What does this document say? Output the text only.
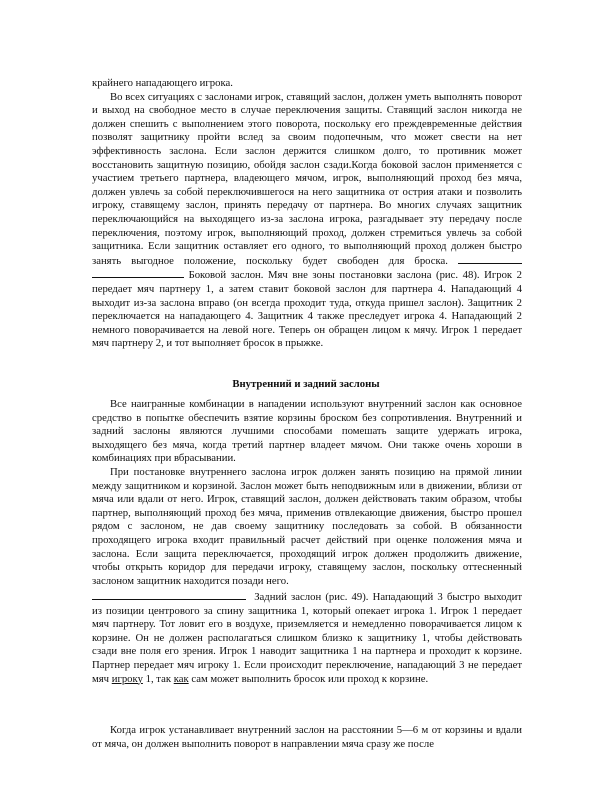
крайнего нападающего игрока.

Во всех ситуациях с заслонами игрок, ставящий заслон, должен уметь выполнять поворот и выход на свободное место в случае переключения защиты. Ставящий заслон никогда не должен спешить с выполнением этого поворота, поскольку его преждевременные действия позволят защитнику пройти вслед за своим подопечным, что может свести на нет эффективность заслона. Если заслон держится слишком долго, то противник может восстановить защитную позицию, обойдя заслон сзади.Когда боковой заслон применяется с участием третьего партнера, владеющего мячом, игрок, выполняющий проход без мяча, должен увлечь за собой переключившегося на него защитника от острия атаки и позволить игроку, ставящему заслон, принять передачу от партнера. Во многих случаях защитник переключающийся на выходящего из-за заслона игрока, разгадывает эту передачу после переключения, поэтому игрок, выполняющий проход, должен стремиться увлечь за собой защитника. Если защитник оставляет его одного, то выполняющий проход должен быстро занять выгодное положение, поскольку будет свободен для броска.   Боковой заслон. Мяч вне зоны постановки заслона (рис. 48). Игрок 2 передает мяч партнеру 1, а затем ставит боковой заслон для партнера 4. Нападающий 4 выходит из-за заслона вправо (он всегда проходит туда, откуда пришел заслон). Защитник 2 переключается на нападающего 4. Защитник 4 также преследует игрока 4. Нападающий 2 немного поворачивается на левой ноге. Теперь он обращен лицом к мячу. Игрок 1 передает мяч партнеру 2, и тот выполняет бросок в прыжке.

Внутренний и задний заслоны

Все наигранные комбинации в нападении используют внутренний заслон как основное средство в попытке обеспечить взятие корзины броском без сопротивления. Внутренний и задний заслоны являются лучшими способами помешать защите удержать игрока, выходящего без мяча, когда третий партнер владеет мячом. Они также очень хороши в комбинациях при вбрасывании.

При постановке внутреннего заслона игрок должен занять позицию на прямой линии между защитником и корзиной. Заслон может быть неподвижным или в движении, вблизи от мяча или вдали от него. Игрок, ставящий заслон, должен действовать таким образом, чтобы партнер, выполняющий проход без мяча, применив отвлекающие движения, быстро прошел рядом с заслоном, не дав своему защитнику последовать за собой. В обязанности проходящего игрока входит правильный расчет действий при оценке положения мяча и заслона. Если защита переключается, проходящий игрок должен продолжить движение, чтобы открыть коридор для передачи игроку, ставящему заслон, поскольку оттесненный заслоном защитник находится позади него.

Задний заслон (рис. 49). Нападающий 3 быстро выходит из позиции центрового за спину защитника 1, который опекает игрока 1. Игрок 1 передает мяч партнеру. Тот ловит его в воздухе, приземляется и немедленно поворачивается лицом к корзине. Он не должен располагаться слишком близко к защитнику 1, чтобы действовать сзади вне поля его зрения. Игрок 1 наводит защитника 1 на партнера и проходит к корзине. Партнер передает мяч игроку 1. Если происходит переключение, нападающий 3 не передает мяч игроку 1, так как сам может выполнить бросок или проход к корзине.

Когда игрок устанавливает внутренний заслон на расстоянии 5—6 м от корзины и вдали от мяча, он должен выполнить поворот в направлении мяча сразу же после
